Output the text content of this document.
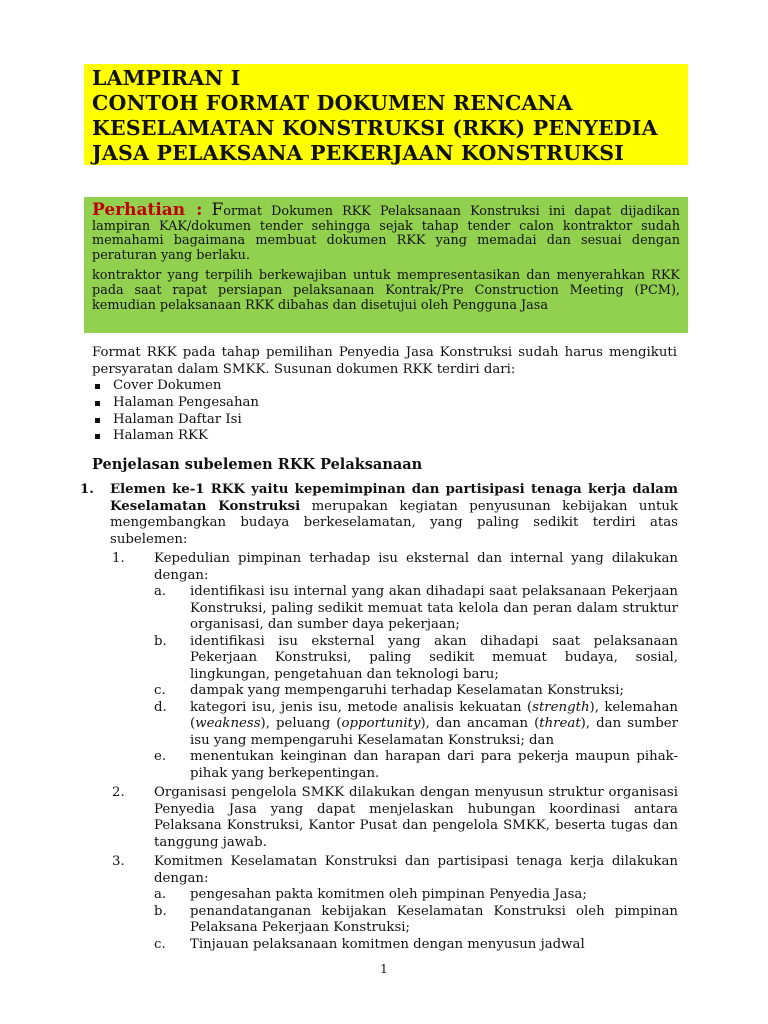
LAMPIRAN I
CONTOH FORMAT DOKUMEN RENCANA
KESELAMATAN KONSTRUKSI (RKK) PENYEDIA
JASA PELAKSANA PEKERJAAN KONSTRUKSI

Perhatian : Format Dokumen RKK Pelaksanaan Konstruksi ini dapat dijadikan lampiran KAK/dokumen tender sehingga sejak tahap tender calon kontraktor sudah memahami bagaimana membuat dokumen RKK yang memadai dan sesuai dengan peraturan yang berlaku.

kontraktor yang terpilih berkewajiban untuk mempresentasikan dan menyerahkan RKK pada saat rapat persiapan pelaksanaan Kontrak/Pre Construction Meeting (PCM), kemudian pelaksanaan RKK dibahas dan disetujui oleh Pengguna Jasa

Format RKK pada tahap pemilihan Penyedia Jasa Konstruksi sudah harus mengikuti persyaratan dalam SMKK. Susunan dokumen RKK terdiri dari:

Cover Dokumen
Halaman Pengesahan
Halaman Daftar Isi
Halaman RKK
Penjelasan subelemen RKK Pelaksanaan
1. Elemen ke-1 RKK yaitu kepemimpinan dan partisipasi tenaga kerja dalam Keselamatan Konstruksi merupakan kegiatan penyusunan kebijakan untuk mengembangkan budaya berkeselamatan, yang paling sedikit terdiri atas subelemen:
1. Kepedulian pimpinan terhadap isu eksternal dan internal yang dilakukan dengan:
a. identifikasi isu internal yang akan dihadapi saat pelaksanaan Pekerjaan Konstruksi, paling sedikit memuat tata kelola dan peran dalam struktur organisasi, dan sumber daya pekerjaan;
b. identifikasi isu eksternal yang akan dihadapi saat pelaksanaan Pekerjaan Konstruksi, paling sedikit memuat budaya, sosial, lingkungan, pengetahuan dan teknologi baru;
c. dampak yang mempengaruhi terhadap Keselamatan Konstruksi;
d. kategori isu, jenis isu, metode analisis kekuatan (strength), kelemahan (weakness), peluang (opportunity), dan ancaman (threat), dan sumber isu yang mempengaruhi Keselamatan Konstruksi; dan
e. menentukan keinginan dan harapan dari para pekerja maupun pihak-pihak yang berkepentingan.
2. Organisasi pengelola SMKK dilakukan dengan menyusun struktur organisasi Penyedia Jasa yang dapat menjelaskan hubungan koordinasi antara Pelaksana Konstruksi, Kantor Pusat dan pengelola SMKK, beserta tugas dan tanggung jawab.
3. Komitmen Keselamatan Konstruksi dan partisipasi tenaga kerja dilakukan dengan:
a. pengesahan pakta komitmen oleh pimpinan Penyedia Jasa;
b. penandatanganan kebijakan Keselamatan Konstruksi oleh pimpinan Pelaksana Pekerjaan Konstruksi;
c. Tinjauan pelaksanaan komitmen dengan menyusun jadwal
1
